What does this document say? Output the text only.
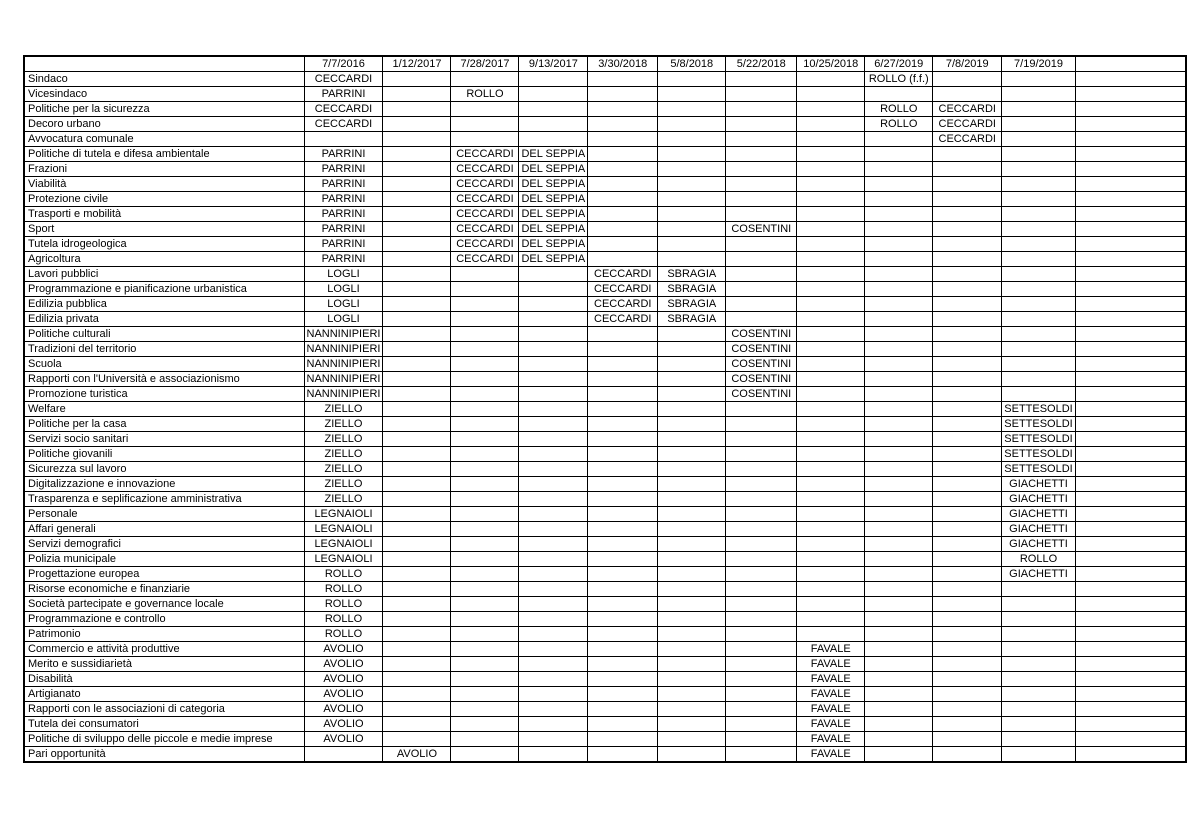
	7/7/2016	1/12/2017	7/28/2017	9/13/2017	3/30/2018	5/8/2018	5/22/2018	10/25/2018	6/27/2019	7/8/2019	7/19/2019	
Sindaco	CECCARDI								ROLLO (f.f.)			
Vicesindaco	PARRINI		ROLLO									
Politiche per la sicurezza	CECCARDI								ROLLO	CECCARDI		
Decoro urbano	CECCARDI								ROLLO	CECCARDI		
Avvocatura comunale										CECCARDI		
Politiche di tutela e difesa ambientale	PARRINI		CECCARDI	DEL SEPPIA								
Frazioni	PARRINI		CECCARDI	DEL SEPPIA								
Viabilità	PARRINI		CECCARDI	DEL SEPPIA								
Protezione civile	PARRINI		CECCARDI	DEL SEPPIA								
Trasporti e mobilità	PARRINI		CECCARDI	DEL SEPPIA								
Sport	PARRINI		CECCARDI	DEL SEPPIA			COSENTINI					
Tutela idrogeologica	PARRINI		CECCARDI	DEL SEPPIA								
Agricoltura	PARRINI		CECCARDI	DEL SEPPIA								
Lavori pubblici	LOGLI				CECCARDI	SBRAGIA						
Programmazione e pianificazione urbanistica	LOGLI				CECCARDI	SBRAGIA						
Edilizia pubblica	LOGLI				CECCARDI	SBRAGIA						
Edilizia privata	LOGLI				CECCARDI	SBRAGIA						
Politiche culturali	NANNINIPIERI						COSENTINI					
Tradizioni del territorio	NANNINIPIERI						COSENTINI					
Scuola	NANNINIPIERI						COSENTINI					
Rapporti con l'Università e associazionismo	NANNINIPIERI						COSENTINI					
Promozione turistica	NANNINIPIERI						COSENTINI					
Welfare	ZIELLO										SETTESOLDI	
Politiche per la casa	ZIELLO										SETTESOLDI	
Servizi socio sanitari	ZIELLO										SETTESOLDI	
Politiche giovanili	ZIELLO										SETTESOLDI	
Sicurezza sul lavoro	ZIELLO										SETTESOLDI	
Digitalizzazione e innovazione	ZIELLO										GIACHETTI	
Trasparenza e seplificazione amministrativa	ZIELLO										GIACHETTI	
Personale	LEGNAIOLI										GIACHETTI	
Affari generali	LEGNAIOLI										GIACHETTI	
Servizi demografici	LEGNAIOLI										GIACHETTI	
Polizia municipale	LEGNAIOLI										ROLLO	
Progettazione europea	ROLLO										GIACHETTI	
Risorse economiche e finanziarie	ROLLO											
Società partecipate e governance locale	ROLLO											
Programmazione e controllo	ROLLO											
Patrimonio	ROLLO											
Commercio e attività produttive	AVOLIO							FAVALE				
Merito e sussidiarietà	AVOLIO							FAVALE				
Disabilità	AVOLIO							FAVALE				
Artigianato	AVOLIO							FAVALE				
Rapporti con le associazioni di categoria	AVOLIO							FAVALE				
Tutela dei consumatori	AVOLIO							FAVALE				
Politiche di sviluppo delle piccole e medie imprese	AVOLIO							FAVALE				
Pari opportunità		AVOLIO						FAVALE				
